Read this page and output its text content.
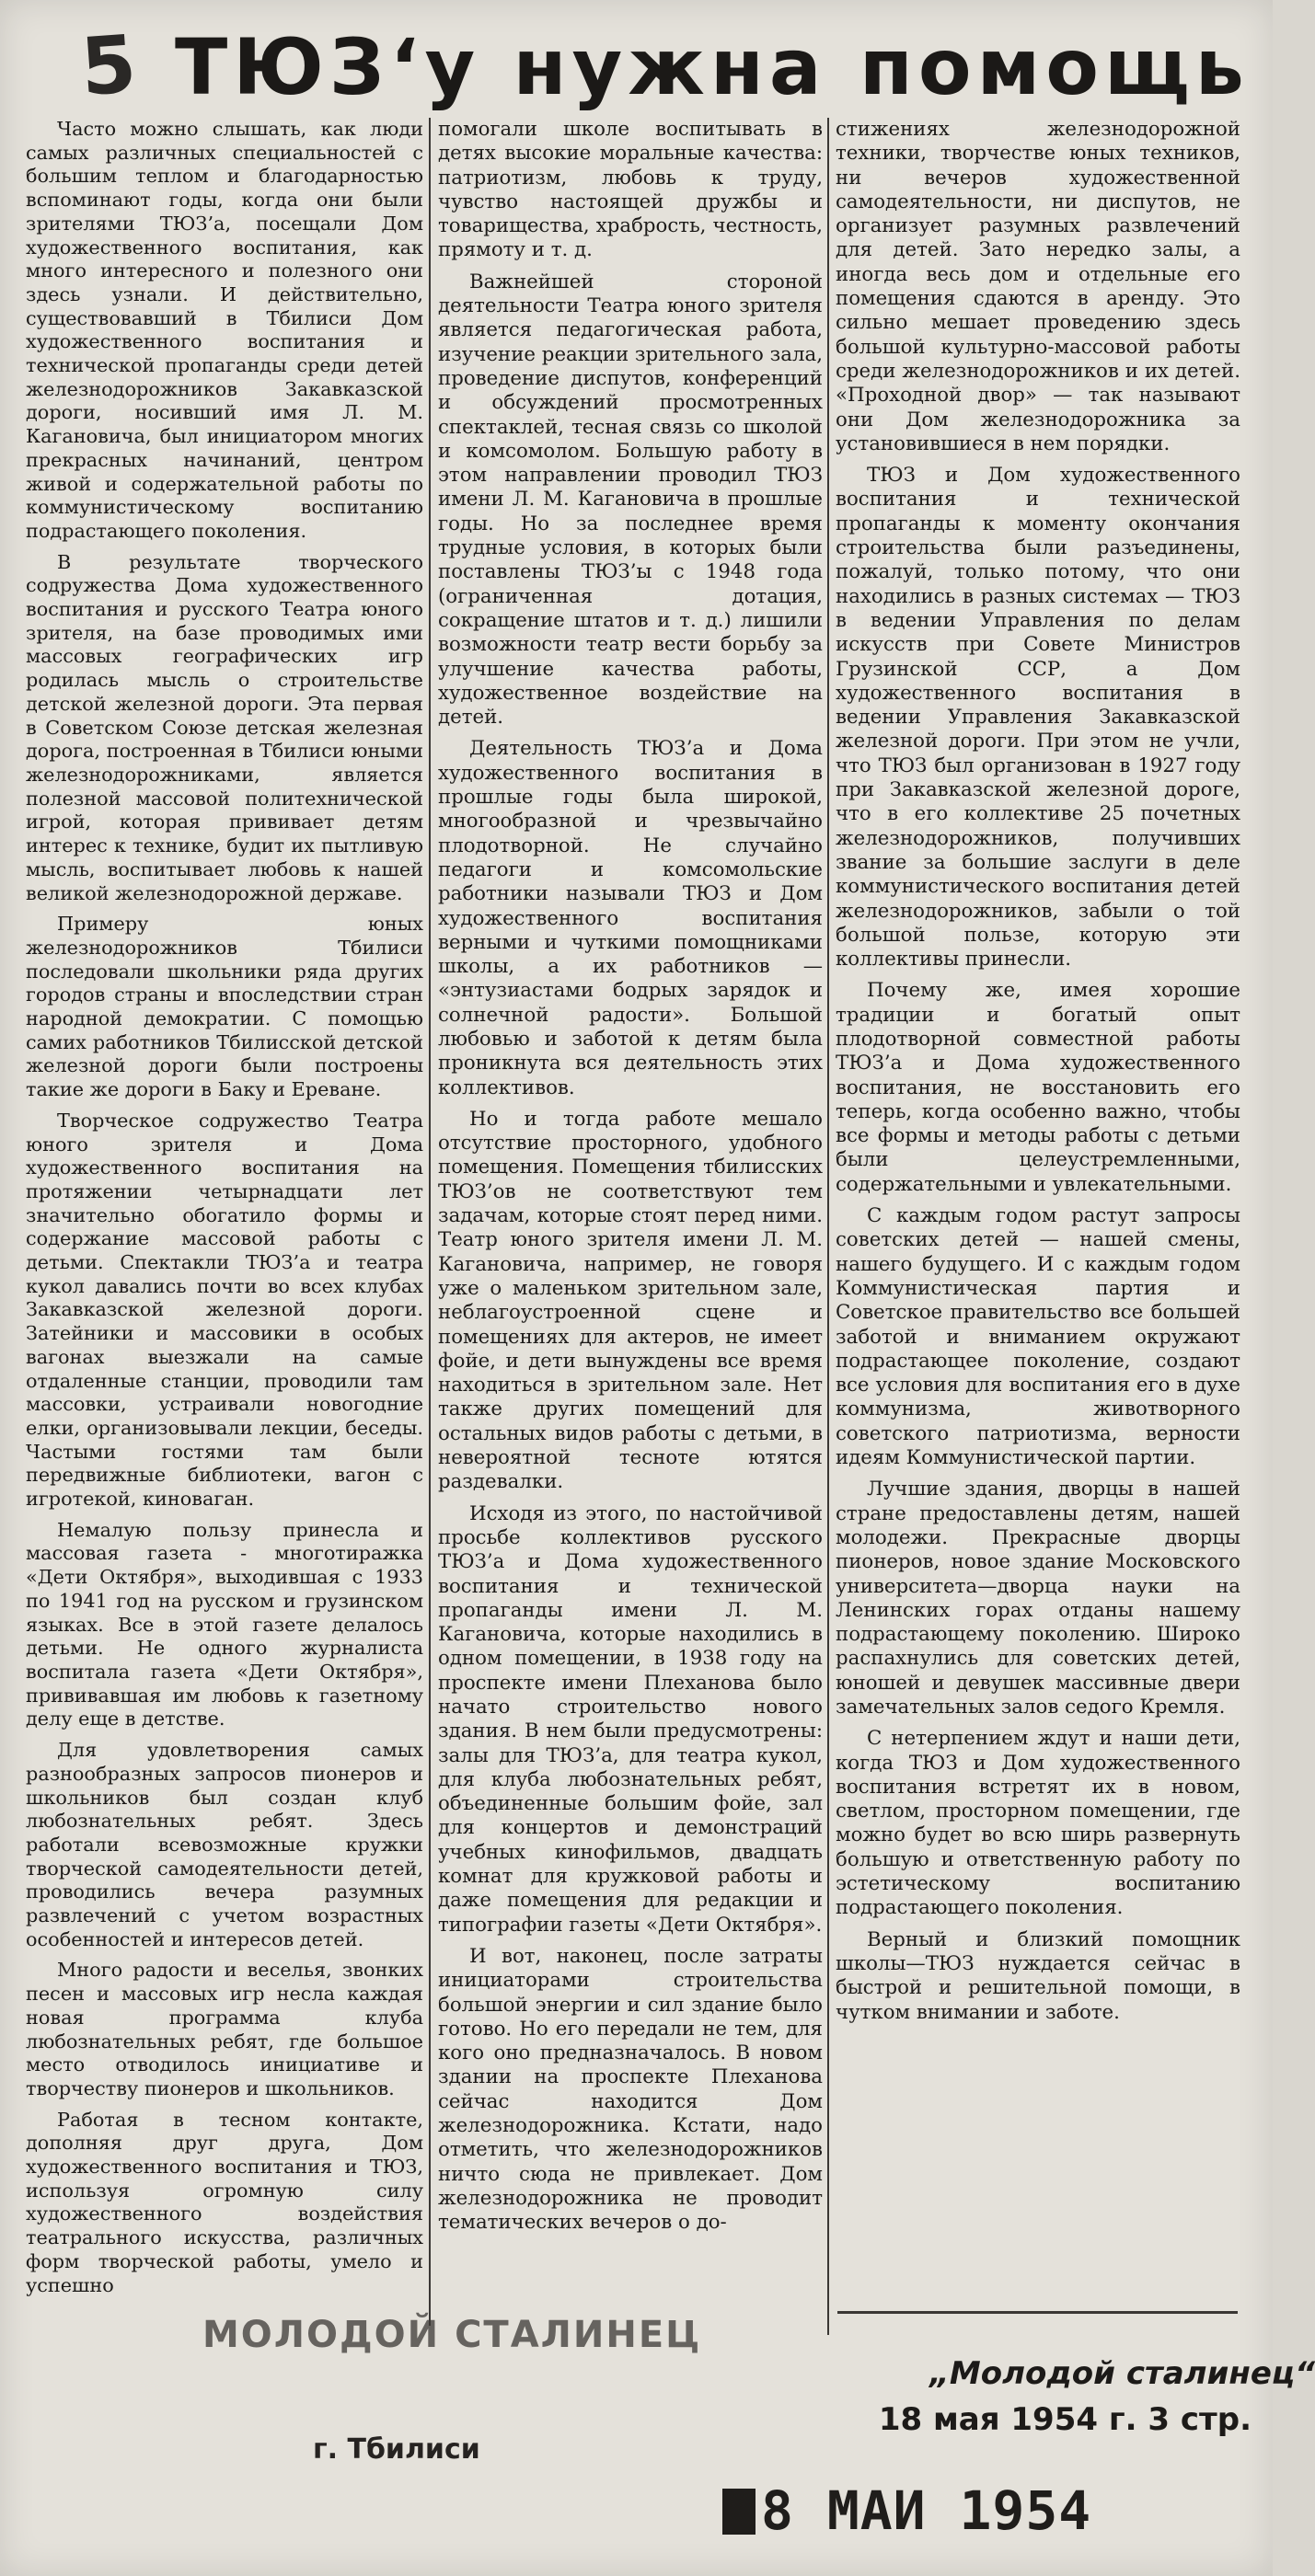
5 ТЮЗ‘у нужна помощь

Часто можно слышать, как люди самых различных специальностей с большим теплом и благодарностью вспоминают годы, когда они были зрителями ТЮЗ’а, посещали Дом художественного воспитания, как много интересного и полезного они здесь узнали. И действительно, существовавший в Тбилиси Дом художественного воспитания и технической пропаганды среди детей железнодорожников Закавказской дороги, носивший имя Л. М. Кагановича, был инициатором многих прекрасных начинаний, центром живой и содержательной работы по коммунистическому воспитанию подрастающего поколения.

В результате творческого содружества Дома художественного воспитания и русского Театра юного зрителя, на базе проводимых ими массовых географических игр родилась мысль о строительстве детской железной дороги. Эта первая в Советском Союзе детская железная дорога, построенная в Тбилиси юными железнодорожниками, является полезной массовой политехнической игрой, которая прививает детям интерес к технике, будит их пытливую мысль, воспитывает любовь к нашей великой железнодорожной державе.

Примеру юных железнодорожников Тбилиси последовали школьники ряда других городов страны и впоследствии стран народной демократии. С помощью самих работников Тбилисской детской железной дороги были построены такие же дороги в Баку и Ереване.

Творческое содружество Театра юного зрителя и Дома художественного воспитания на протяжении четырнадцати лет значительно обогатило формы и содержание массовой работы с детьми. Спектакли ТЮЗ’а и театра кукол давались почти во всех клубах Закавказской железной дороги. Затейники и массовики в особых вагонах выезжали на самые отдаленные станции, проводили там массовки, устраивали новогодние елки, организовывали лекции, беседы. Частыми гостями там были передвижные библиотеки, вагон с игротекой, киноваган.

Немалую пользу принесла и массовая газета - многотиражка «Дети Октября», выходившая с 1933 по 1941 год на русском и грузинском языках. Все в этой газете делалось детьми. Не одного журналиста воспитала газета «Дети Октября», прививавшая им любовь к газетному делу еще в детстве.

Для удовлетворения самых разнообразных запросов пионеров и школьников был создан клуб любознательных ребят. Здесь работали всевозможные кружки творческой самодеятельности детей, проводились вечера разумных развлечений с учетом возрастных особенностей и интересов детей.

Много радости и веселья, звонких песен и массовых игр несла каждая новая программа клуба любознательных ребят, где большое место отводилось инициативе и творчеству пионеров и школьников.

Работая в тесном контакте, дополняя друг друга, Дом художественного воспитания и ТЮЗ, используя огромную силу художественного воздействия театрального искусства, различных форм творческой работы, умело и успешно

помогали школе воспитывать в детях высокие моральные качества: патриотизм, любовь к труду, чувство настоящей дружбы и товарищества, храбрость, честность, прямоту и т. д.

Важнейшей стороной деятельности Театра юного зрителя является педагогическая работа, изучение реакции зрительного зала, проведение диспутов, конференций и обсуждений просмотренных спектаклей, тесная связь со школой и комсомолом. Большую работу в этом направлении проводил ТЮЗ имени Л. М. Кагановича в прошлые годы. Но за последнее время трудные условия, в которых были поставлены ТЮЗ’ы с 1948 года (ограниченная дотация, сокращение штатов и т. д.) лишили возможности театр вести борьбу за улучшение качества работы, художественное воздействие на детей.

Деятельность ТЮЗ’а и Дома художественного воспитания в прошлые годы была широкой, многообразной и чрезвычайно плодотворной. Не случайно педагоги и комсомольские работники называли ТЮЗ и Дом художественного воспитания верными и чуткими помощниками школы, а их работников — «энтузиастами бодрых зарядок и солнечной радости». Большой любовью и заботой к детям была проникнута вся деятельность этих коллективов.

Но и тогда работе мешало отсутствие просторного, удобного помещения. Помещения тбилисских ТЮЗ’ов не соответствуют тем задачам, которые стоят перед ними. Театр юного зрителя имени Л. М. Кагановича, например, не говоря уже о маленьком зрительном зале, неблагоустроенной сцене и помещениях для актеров, не имеет фойе, и дети вынуждены все время находиться в зрительном зале. Нет также других помещений для остальных видов работы с детьми, в невероятной тесноте ютятся раздевалки.

Исходя из этого, по настойчивой просьбе коллективов русского ТЮЗ’а и Дома художественного воспитания и технической пропаганды имени Л. М. Кагановича, которые находились в одном помещении, в 1938 году на проспекте имени Плеханова было начато строительство нового здания. В нем были предусмотрены: залы для ТЮЗ’а, для театра кукол, для клуба любознательных ребят, объединенные большим фойе, зал для концертов и демонстраций учебных кинофильмов, двадцать комнат для кружковой работы и даже помещения для редакции и типографии газеты «Дети Октября».

И вот, наконец, после затраты инициаторами строительства большой энергии и сил здание было готово. Но его передали не тем, для кого оно предназначалось. В новом здании на проспекте Плеханова сейчас находится Дом железнодорожника. Кстати, надо отметить, что железнодорожников ничто сюда не привлекает. Дом железнодорожника не проводит тематических вечеров о до-

стижениях железнодорожной техники, творчестве юных техников, ни вечеров художественной самодеятельности, ни диспутов, не организует разумных развлечений для детей. Зато нередко залы, а иногда весь дом и отдельные его помещения сдаются в аренду. Это сильно мешает проведению здесь большой культурно-массовой работы среди железнодорожников и их детей. «Проходной двор» — так называют они Дом железнодорожника за установившиеся в нем порядки.

ТЮЗ и Дом художественного воспитания и технической пропаганды к моменту окончания строительства были разъединены, пожалуй, только потому, что они находились в разных системах — ТЮЗ в ведении Управления по делам искусств при Совете Министров Грузинской ССР, а Дом художественного воспитания в ведении Управления Закавказской железной дороги. При этом не учли, что ТЮЗ был организован в 1927 году при Закавказской железной дороге, что в его коллективе 25 почетных железнодорожников, получивших звание за большие заслуги в деле коммунистического воспитания детей железнодорожников, забыли о той большой пользе, которую эти коллективы принесли.

Почему же, имея хорошие традиции и богатый опыт плодотворной совместной работы ТЮЗ’а и Дома художественного воспитания, не восстановить его теперь, когда особенно важно, чтобы все формы и методы работы с детьми были целеустремленными, содержательными и увлекательными.

С каждым годом растут запросы советских детей — нашей смены, нашего будущего. И с каждым годом Коммунистическая партия и Советское правительство все большей заботой и вниманием окружают подрастающее поколение, создают все условия для воспитания его в духе коммунизма, животворного советского патриотизма, верности идеям Коммунистической партии.

Лучшие здания, дворцы в нашей стране предоставлены детям, нашей молодежи. Прекрасные дворцы пионеров, новое здание Московского университета—дворца науки на Ленинских горах отданы нашему подрастающему поколению. Широко распахнулись для советских детей, юношей и девушек массивные двери замечательных залов седого Кремля.

С нетерпением ждут и наши дети, когда ТЮЗ и Дом художественного воспитания встретят их в новом, светлом, просторном помещении, где можно будет во всю ширь развернуть большую и ответственную работу по эстетическому воспитанию подрастающего поколения.

Верный и близкий помощник школы—ТЮЗ нуждается сейчас в быстрой и решительной помощи, в чутком внимании и заботе.

„Молодой сталинец“
18 мая 1954 г. 3 стр.
МОЛОДОЙ СТАЛИНЕЦ
г. Тбилиси
8 МАИ 1954
